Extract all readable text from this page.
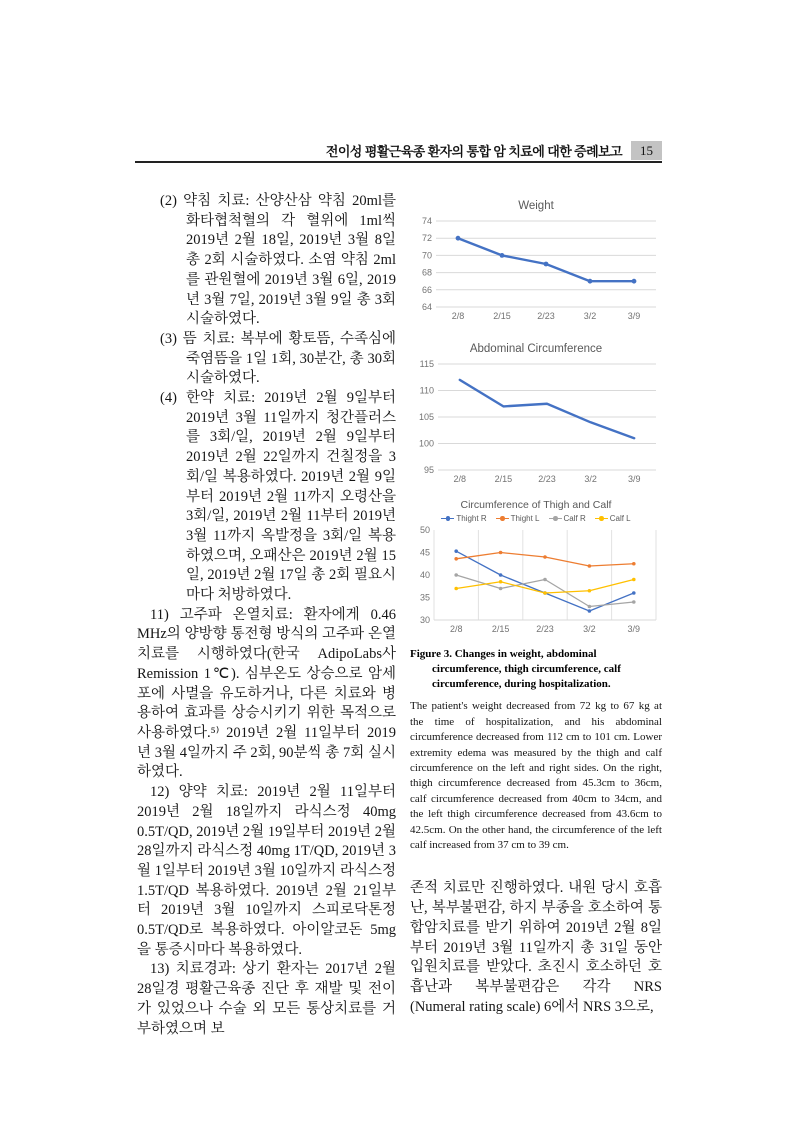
전이성 평활근육종 환자의 통합 암 치료에 대한 증례보고	15

(2) 약침 치료: 산양산삼 약침 20ml를 화타협척혈의 각 혈위에 1ml씩 2019년 2월 18일, 2019년 3월 8일 총 2회 시술하였다. 소염 약침 2ml를 관원혈에 2019년 3월 6일, 2019년 3월 7일, 2019년 3월 9일 총 3회 시술하였다.

(3) 뜸 치료: 복부에 황토뜸, 수족심에 죽염뜸을 1일 1회, 30분간, 총 30회 시술하였다.

(4) 한약 치료: 2019년 2월 9일부터 2019년 3월 11일까지 청간플러스를 3회/일, 2019년 2월 9일부터 2019년 2월 22일까지 건칠정을 3회/일 복용하였다. 2019년 2월 9일부터 2019년 2월 11까지 오령산을 3회/일, 2019년 2월 11부터 2019년 3월 11까지 옥발정을 3회/일 복용하였으며, 오패산은 2019년 2월 15일, 2019년 2월 17일 총 2회 필요시마다 처방하였다.

11) 고주파 온열치료: 환자에게 0.46 MHz의 양방향 통전형 방식의 고주파 온열치료를 시행하였다(한국 AdipoLabs사 Remission 1℃). 심부온도 상승으로 암세포에 사멸을 유도하거나, 다른 치료와 병용하여 효과를 상승시키기 위한 목적으로 사용하였다.⁵⁾ 2019년 2월 11일부터 2019년 3월 4일까지 주 2회, 90분씩 총 7회 실시하였다.

12) 양약 치료: 2019년 2월 11일부터 2019년 2월 18일까지 라식스정 40mg 0.5T/QD, 2019년 2월 19일부터 2019년 2월 28일까지 라식스정 40mg 1T/QD, 2019년 3월 1일부터 2019년 3월 10일까지 라식스정 1.5T/QD 복용하였다. 2019년 2월 21일부터 2019년 3월 10일까지 스피로닥톤정 0.5T/QD로 복용하였다. 아이알코돈 5mg을 통증시마다 복용하였다.

13) 치료경과: 상기 환자는 2017년 2월 28일경 평활근육종 진단 후 재발 및 전이가 있었으나 수술 외 모든 통상치료를 거부하였으며 보

Weight
64
66
68
70
72
74
2/8	2/15	2/23	3/2	3/9
Abdominal Circumference
95
100
105
110
115
2/8	2/15	2/23	3/2	3/9
Circumference of Thigh and Calf
Thight R	Thight L	Calf R	Calf L
30
35
40
45
50
2/8	2/15	2/23	3/2	3/9
Figure 3. Changes in weight, abdominal circumference, thigh circumference, calf circumference, during hospitalization.
The patient's weight decreased from 72 kg to 67 kg at the time of hospitalization, and his abdominal circumference decreased from 112 cm to 101 cm. Lower extremity edema was measured by the thigh and calf circumference on the left and right sides. On the right, thigh circumference decreased from 45.3cm to 36cm, calf circumference decreased from 40cm to 34cm, and the left thigh circumference decreased from 43.6cm to 42.5cm. On the other hand, the circumference of the left calf increased from 37 cm to 39 cm.
존적 치료만 진행하였다. 내원 당시 호흡난, 복부불편감, 하지 부종을 호소하여 통합암치료를 받기 위하여 2019년 2월 8일부터 2019년 3월 11일까지 총 31일 동안 입원치료를 받았다. 초진시 호소하던 호흡난과 복부불편감은 각각 NRS (Numeral rating scale) 6에서 NRS 3으로,
